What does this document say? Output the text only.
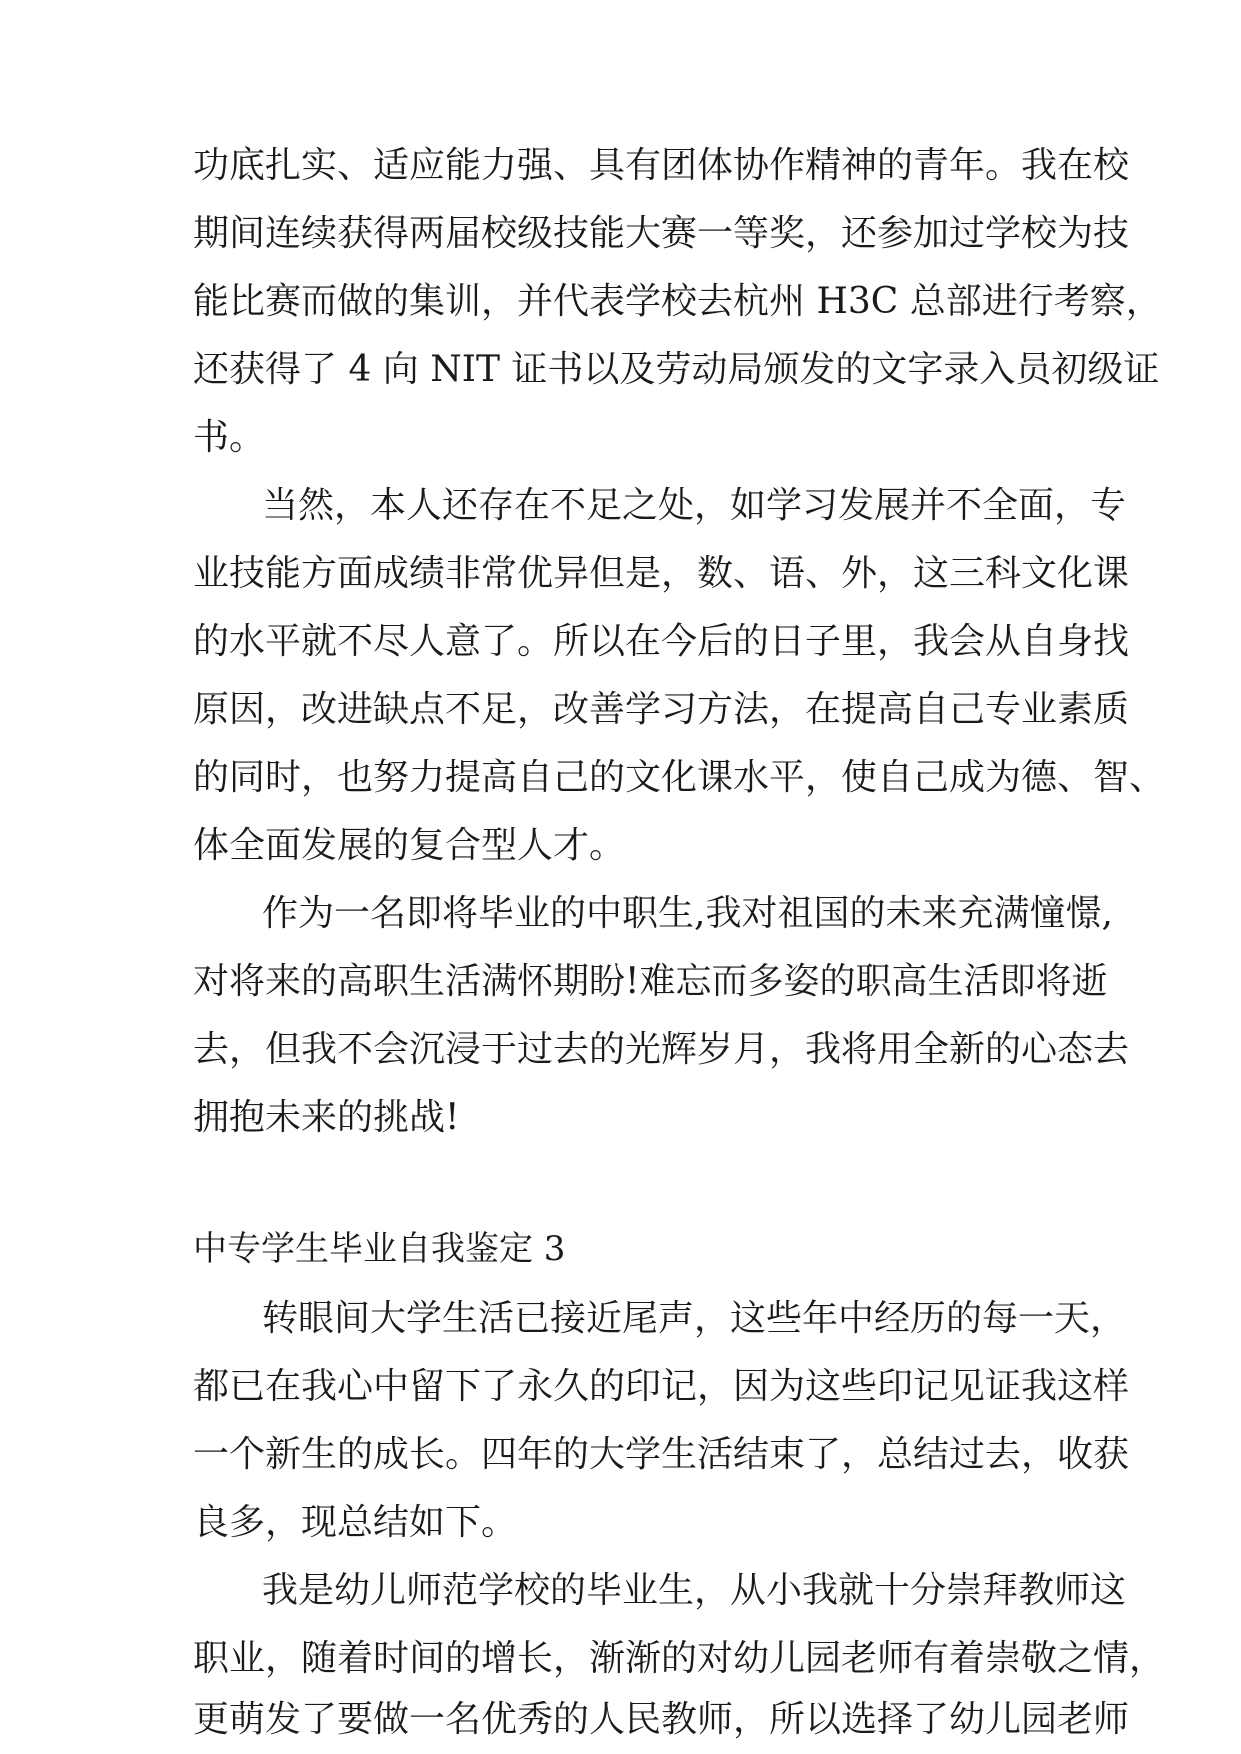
功底扎实、适应能力强、具有团体协作精神的青年。我在校
期间连续获得两届校级技能大赛一等奖，还参加过学校为技
能比赛而做的集训，并代表学校去杭州 H3C 总部进行考察，
还获得了 4 向 NIT 证书以及劳动局颁发的文字录入员初级证
书。
当然，本人还存在不足之处，如学习发展并不全面，专
业技能方面成绩非常优异但是，数、语、外，这三科文化课
的水平就不尽人意了。所以在今后的日子里，我会从自身找
原因，改进缺点不足，改善学习方法，在提高自己专业素质
的同时，也努力提高自己的文化课水平，使自己成为德、智、
体全面发展的复合型人才。
作为一名即将毕业的中职生,我对祖国的未来充满憧憬,
对将来的高职生活满怀期盼!难忘而多姿的职高生活即将逝
去，但我不会沉浸于过去的光辉岁月，我将用全新的心态去
拥抱未来的挑战!
中专学生毕业自我鉴定 3
转眼间大学生活已接近尾声，这些年中经历的每一天，
都已在我心中留下了永久的印记，因为这些印记见证我这样
一个新生的成长。四年的大学生活结束了，总结过去，收获
良多，现总结如下。
我是幼儿师范学校的毕业生，从小我就十分崇拜教师这
职业，随着时间的增长，渐渐的对幼儿园老师有着崇敬之情，
更萌发了要做一名优秀的人民教师，所以选择了幼儿园老师
